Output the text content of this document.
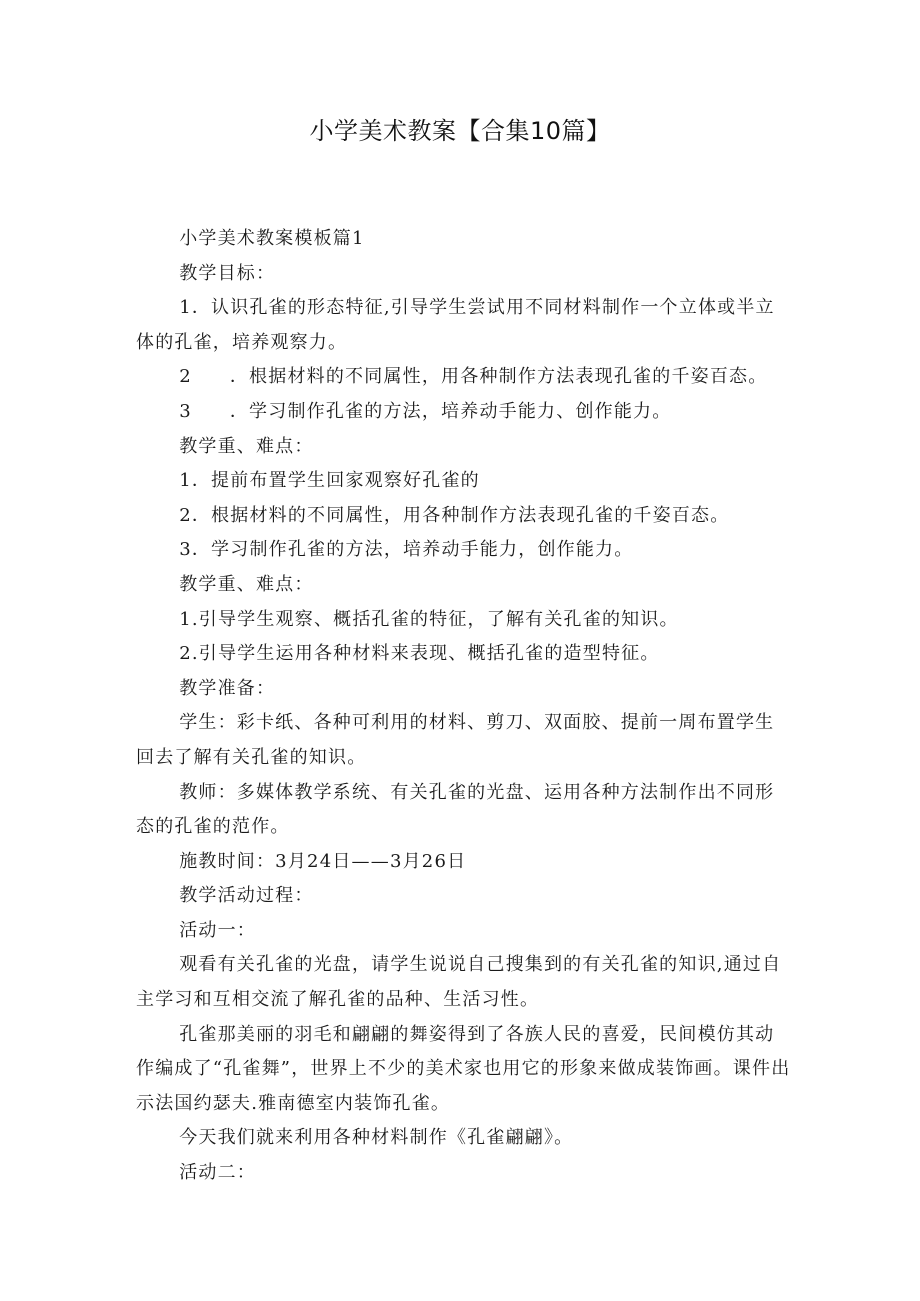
小学美术教案【合集10篇】

小学美术教案模板篇1

教学目标：

1．认识孔雀的形态特征,引导学生尝试用不同材料制作一个立体或半立体的孔雀，培养观察力。

2 ．根据材料的不同属性，用各种制作方法表现孔雀的千姿百态。

3 ．学习制作孔雀的方法，培养动手能力、创作能力。

教学重、难点：

1．提前布置学生回家观察好孔雀的

2．根据材料的不同属性，用各种制作方法表现孔雀的千姿百态。

3．学习制作孔雀的方法，培养动手能力，创作能力。

教学重、难点：

1.引导学生观察、概括孔雀的特征，了解有关孔雀的知识。

2.引导学生运用各种材料来表现、概括孔雀的造型特征。

教学准备：

学生：彩卡纸、各种可利用的材料、剪刀、双面胶、提前一周布置学生回去了解有关孔雀的知识。

教师：多媒体教学系统、有关孔雀的光盘、运用各种方法制作出不同形态的孔雀的范作。

施教时间：3月24日——3月26日

教学活动过程：

活动一：

观看有关孔雀的光盘，请学生说说自己搜集到的有关孔雀的知识,通过自主学习和互相交流了解孔雀的品种、生活习性。

孔雀那美丽的羽毛和翩翩的舞姿得到了各族人民的喜爱，民间模仿其动作编成了“孔雀舞”，世界上不少的美术家也用它的形象来做成装饰画。课件出示法国约瑟夫.雅南德室内装饰孔雀。

今天我们就来利用各种材料制作《孔雀翩翩》。

活动二：
